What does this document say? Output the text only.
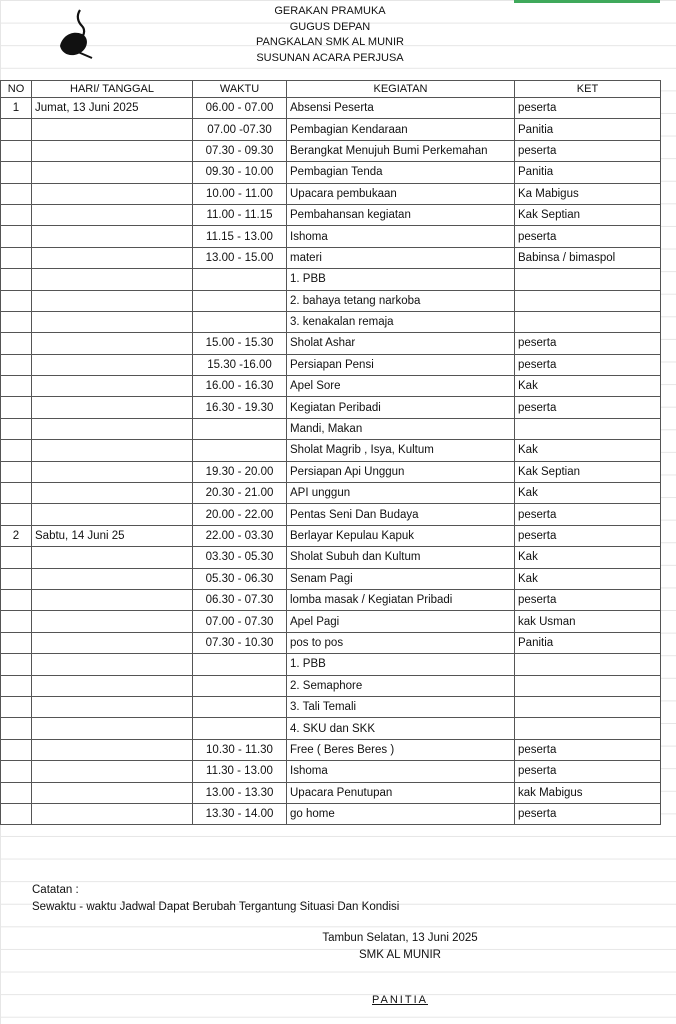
GERAKAN PRAMUKA
GUGUS DEPAN
PANGKALAN SMK AL MUNIR
SUSUNAN ACARA PERJUSA
NO	HARI/ TANGGAL	WAKTU	KEGIATAN	KET
1	Jumat, 13 Juni 2025	06.00 - 07.00	Absensi Peserta	peserta
		07.00 -07.30	Pembagian Kendaraan	Panitia
		07.30 - 09.30	Berangkat Menujuh Bumi Perkemahan	peserta
		09.30 - 10.00	Pembagian Tenda	Panitia
		10.00 - 11.00	Upacara pembukaan	Ka Mabigus
		11.00 - 11.15	Pembahansan kegiatan	Kak Septian
		11.15 - 13.00	Ishoma	peserta
		13.00 - 15.00	materi	Babinsa / bimaspol
			1. PBB	
			2. bahaya tetang narkoba	
			3. kenakalan remaja	
		15.00 - 15.30	Sholat Ashar	peserta
		15.30 -16.00	Persiapan Pensi	peserta
		16.00 - 16.30	Apel Sore	Kak
		16.30 - 19.30	Kegiatan Peribadi	peserta
			Mandi, Makan	
			Sholat Magrib , Isya, Kultum	Kak
		19.30 - 20.00	Persiapan Api Unggun	Kak Septian
		20.30 - 21.00	API unggun	Kak
		20.00 - 22.00	Pentas Seni Dan Budaya	peserta
2	Sabtu, 14 Juni 25	22.00 - 03.30	Berlayar Kepulau Kapuk	peserta
		03.30 - 05.30	Sholat Subuh dan Kultum	Kak
		05.30 - 06.30	Senam Pagi	Kak
		06.30 - 07.30	lomba masak / Kegiatan Pribadi	peserta
		07.00 - 07.30	Apel Pagi	kak Usman
		07.30 - 10.30	pos to pos	Panitia
			1. PBB	
			2. Semaphore	
			3. Tali Temali	
			4. SKU dan SKK	
		10.30 - 11.30	Free ( Beres Beres )	peserta
		11.30 - 13.00	Ishoma	peserta
		13.00 - 13.30	Upacara Penutupan	kak Mabigus
		13.30 - 14.00	go home	peserta
Catatan :
Sewaktu - waktu Jadwal Dapat Berubah Tergantung Situasi Dan Kondisi
Tambun Selatan, 13 Juni 2025
SMK AL MUNIR
PANITIA
